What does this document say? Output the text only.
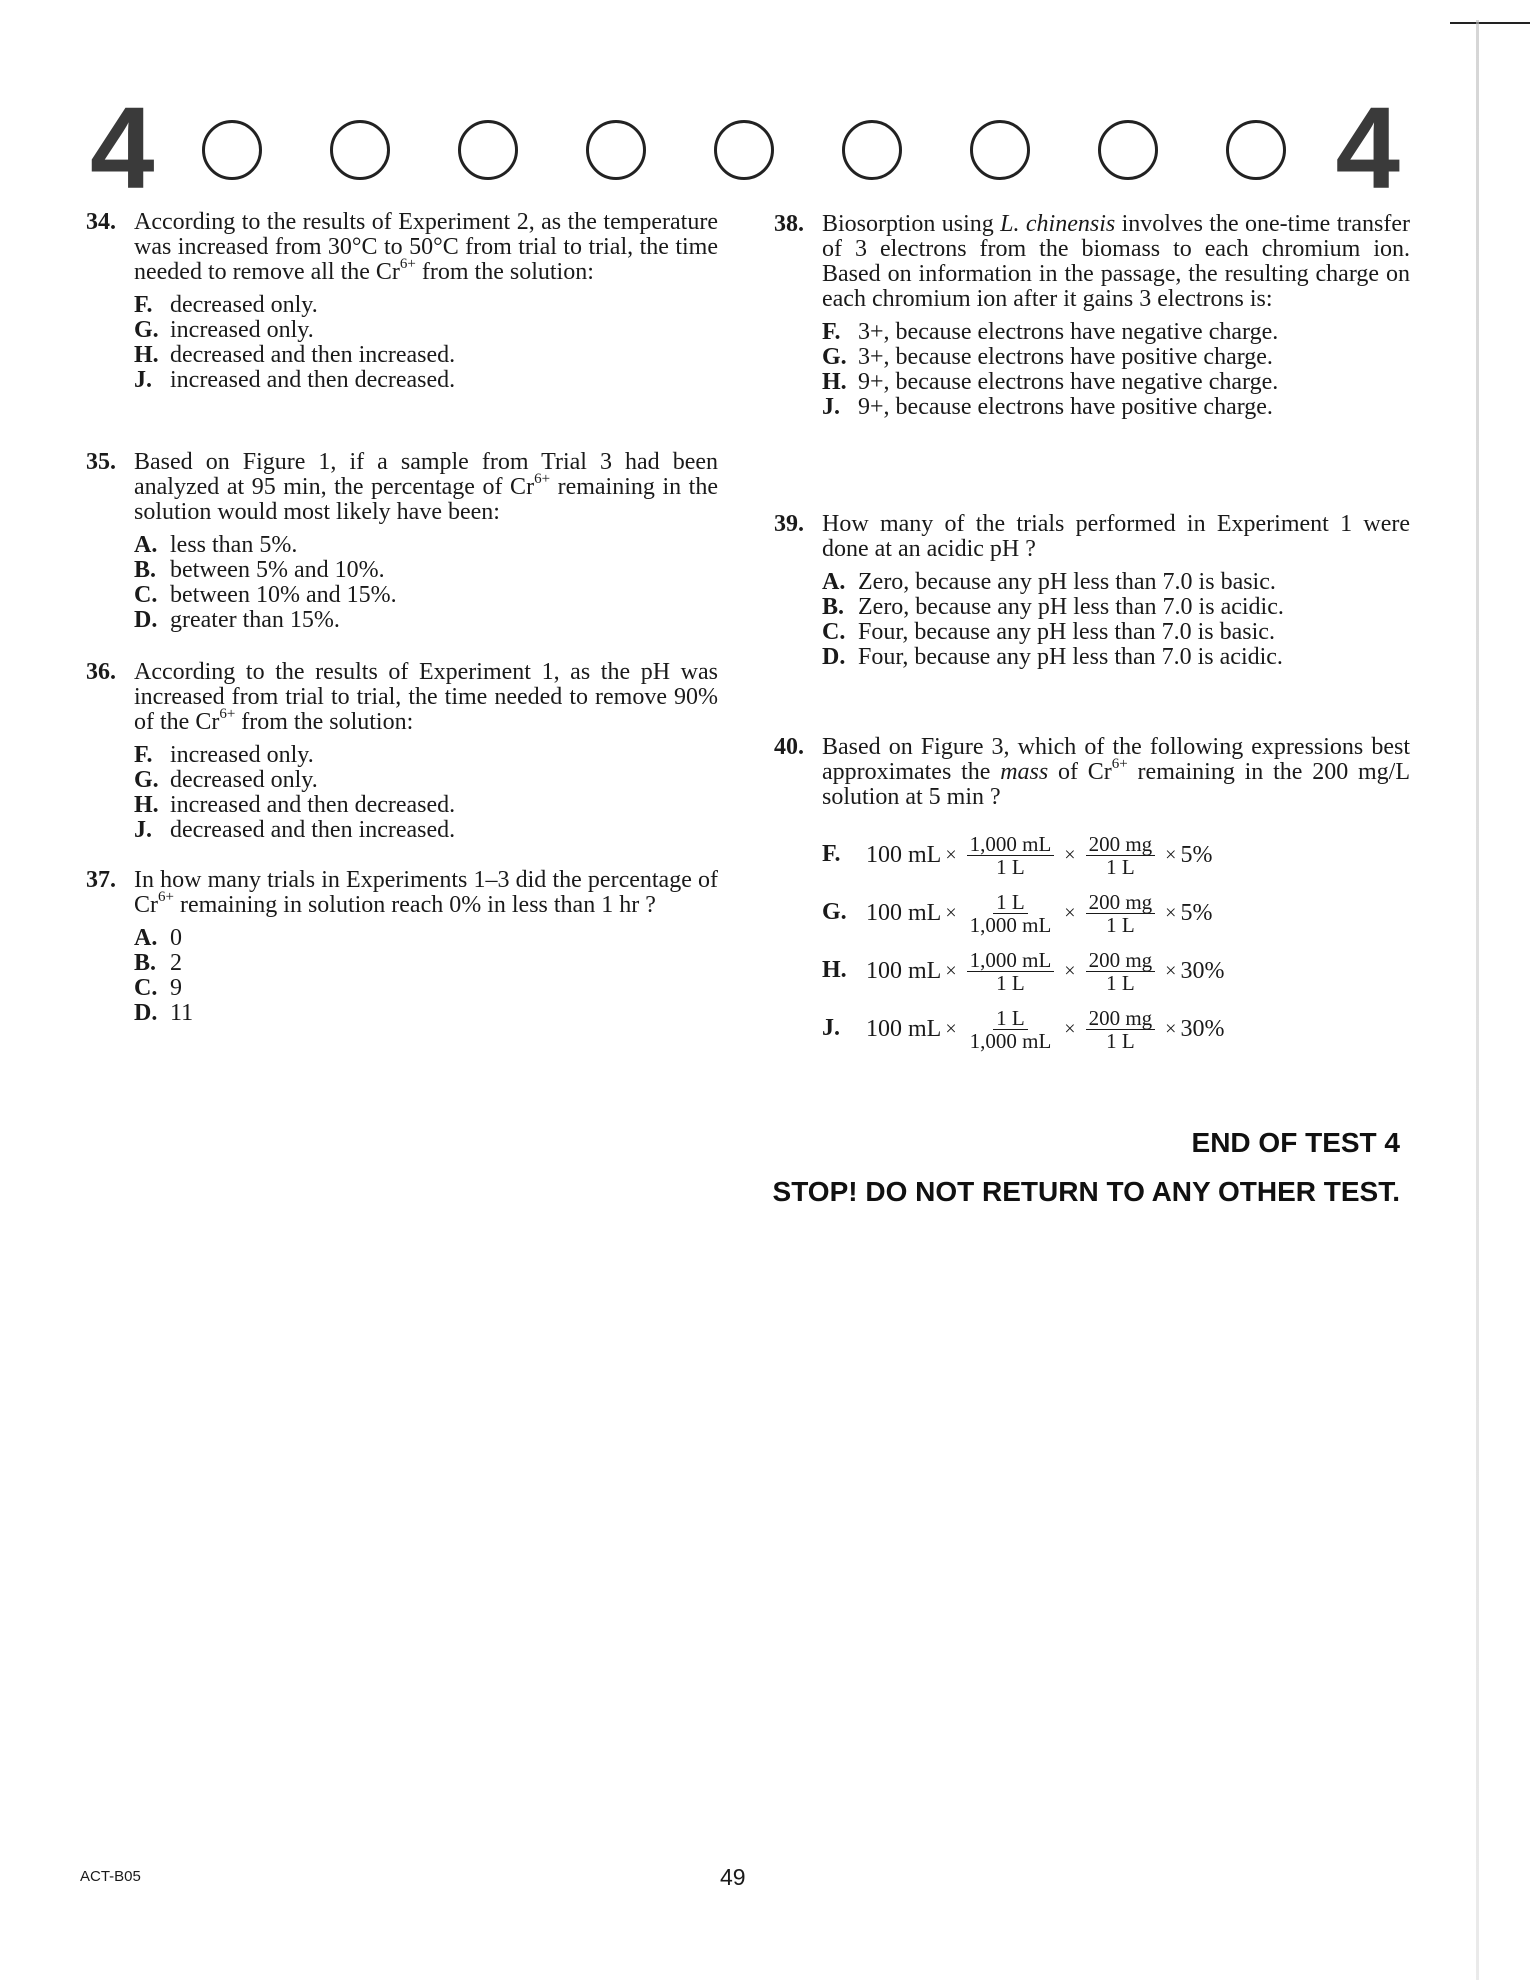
4	4
34. According to the results of Experiment 2, as the temperature was increased from 30°C to 50°C from trial to trial, the time needed to remove all the $Cr^{6+}$ from the solution:
F. decreased only.
G. increased only.
H. decreased and then increased.
J. increased and then decreased.
35. Based on Figure 1, if a sample from Trial 3 had been analyzed at 95 min, the percentage of $Cr^{6+}$ remaining in the solution would most likely have been:
A. less than 5%.
B. between 5% and 10%.
C. between 10% and 15%.
D. greater than 15%.
36. According to the results of Experiment 1, as the pH was increased from trial to trial, the time needed to remove 90% of the $Cr^{6+}$ from the solution:
F. increased only.
G. decreased only.
H. increased and then decreased.
J. decreased and then increased.
37. In how many trials in Experiments 1–3 did the percentage of $Cr^{6+}$ remaining in solution reach 0% in less than 1 hr ?
A. 0
B. 2
C. 9
D. 11
38. Biosorption using L. chinensis involves the one-time transfer of 3 electrons from the biomass to each chromium ion. Based on information in the passage, the resulting charge on each chromium ion after it gains 3 electrons is:
F. 3+, because electrons have negative charge.
G. 3+, because electrons have positive charge.
H. 9+, because electrons have negative charge.
J. 9+, because electrons have positive charge.
39. How many of the trials performed in Experiment 1 were done at an acidic pH ?
A. Zero, because any pH less than 7.0 is basic.
B. Zero, because any pH less than 7.0 is acidic.
C. Four, because any pH less than 7.0 is basic.
D. Four, because any pH less than 7.0 is acidic.
40. Based on Figure 3, which of the following expressions best approximates the mass of $Cr^{6+}$ remaining in the 200 mg/L solution at 5 min ?
F. 100 mL × $\frac{1,000 mL}{1 L} \times \frac{200 mg}{1 L} \times 5\%$
G. 100 mL × $\frac{1 L}{1,000 mL} \times \frac{200 mg}{1 L} \times 5\%$
H. 100 mL × $\frac{1,000 mL}{1 L} \times \frac{200 mg}{1 L} \times 30\%$
J. 100 mL × $\frac{1 L}{1,000 mL} \times \frac{200 mg}{1 L} \times 30\%$
END OF TEST 4
STOP! DO NOT RETURN TO ANY OTHER TEST.
ACT-B05	49
